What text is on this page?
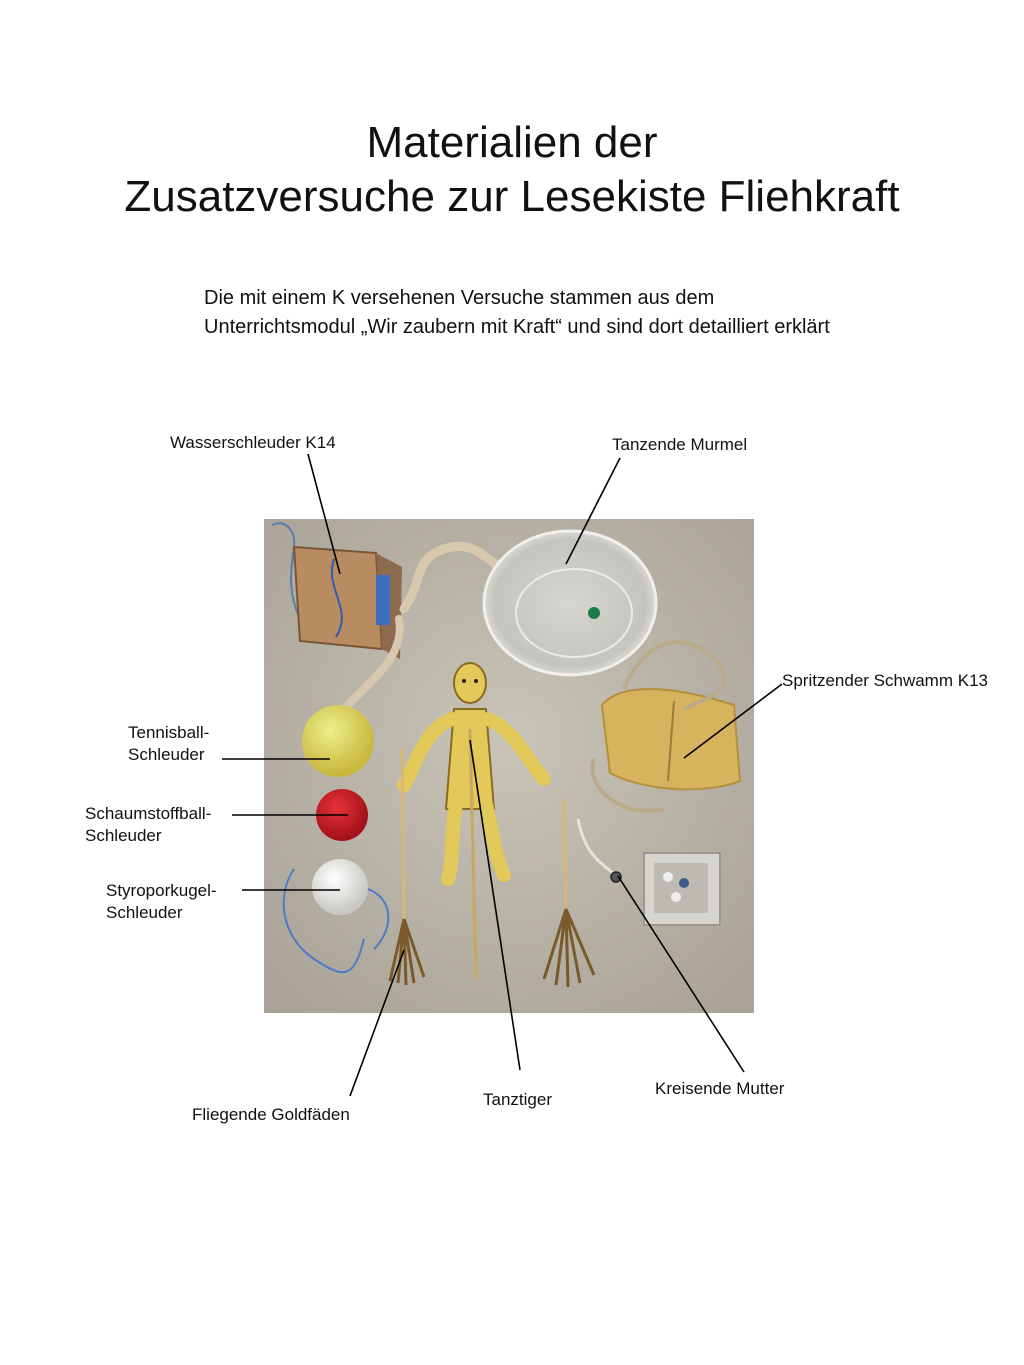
Materialien der
Zusatzversuche zur Lesekiste Fliehkraft
Die mit einem K versehenen Versuche stammen aus dem
Unterrichtsmodul „Wir zaubern mit Kraft“ und sind dort detailliert erklärt
Wasserschleuder K14	Tanzende Murmel
Spritzender Schwamm K13
Tennisball-
Schleuder
Schaumstoffball-
Schleuder
Styroporkugel-
Schleuder
Fliegende Goldfäden
Tanztiger
Kreisende Mutter
